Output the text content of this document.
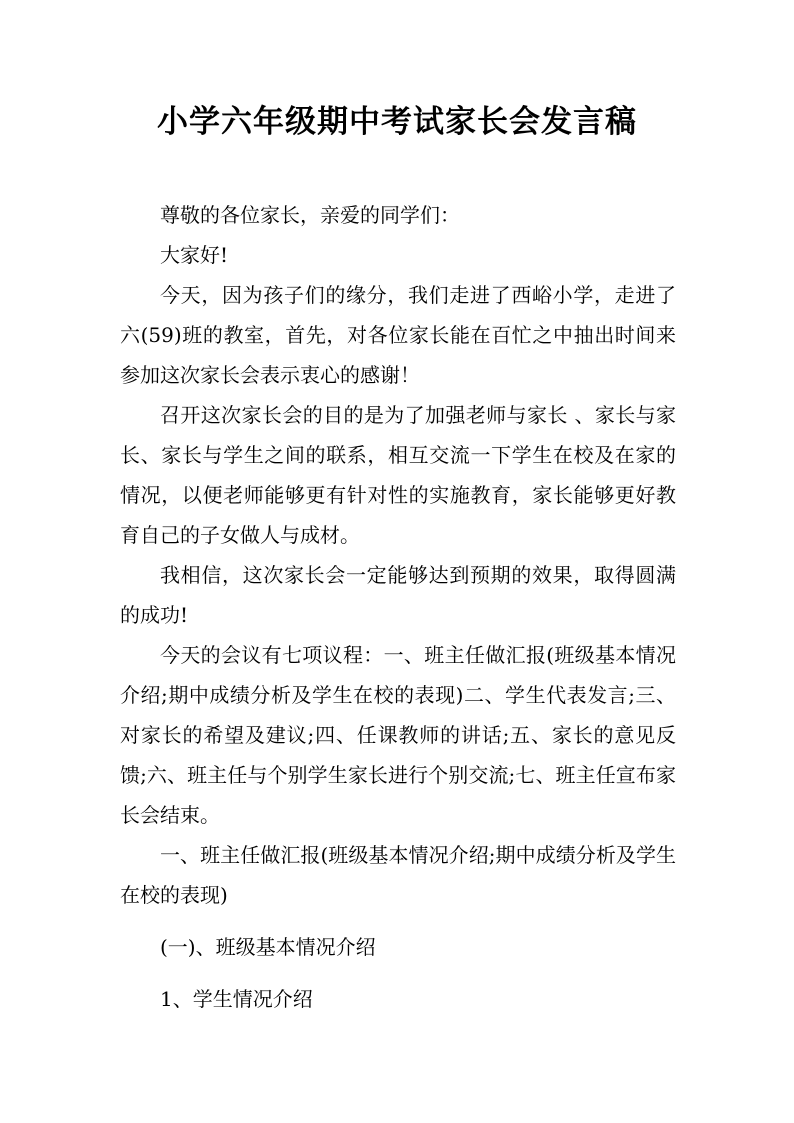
小学六年级期中考试家长会发言稿

尊敬的各位家长，亲爱的同学们：

大家好!

今天，因为孩子们的缘分，我们走进了西峪小学，走进了六(59)班的教室，首先，对各位家长能在百忙之中抽出时间来参加这次家长会表示衷心的感谢！

召开这次家长会的目的是为了加强老师与家长 、家长与家长、家长与学生之间的联系，相互交流一下学生在校及在家的情况，以便老师能够更有针对性的实施教育，家长能够更好教育自己的子女做人与成材。

我相信，这次家长会一定能够达到预期的效果，取得圆满的成功!

今天的会议有七项议程：一、班主任做汇报(班级基本情况介绍;期中成绩分析及学生在校的表现)二、学生代表发言;三、对家长的希望及建议;四、任课教师的讲话;五、家长的意见反馈;六、班主任与个别学生家长进行个别交流;七、班主任宣布家长会结束。

一、班主任做汇报(班级基本情况介绍;期中成绩分析及学生在校的表现)

(一)、班级基本情况介绍

1、学生情况介绍
